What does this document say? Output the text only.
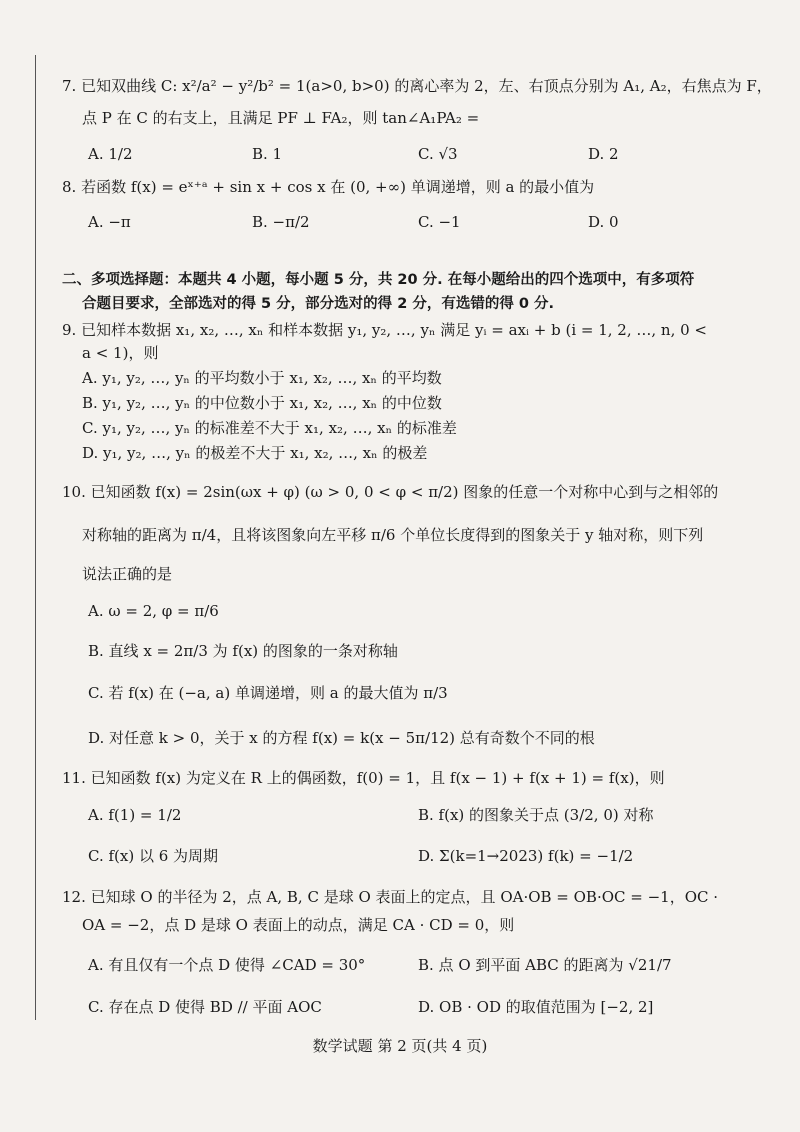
7. 已知双曲线 C: x²/a² − y²/b² = 1(a>0, b>0) 的离心率为 2，左、右顶点分别为 A₁, A₂，右焦点为 F，
点 P 在 C 的右支上，且满足 PF ⊥ FA₂，则 tan∠A₁PA₂ =
A. 1/2	B. 1	C. √3	D. 2
8. 若函数 f(x) = eˣ⁺ᵃ + sin x + cos x 在 (0, +∞) 单调递增，则 a 的最小值为
A. −π	B. −π/2	C. −1	D. 0
二、多项选择题：本题共 4 小题，每小题 5 分，共 20 分. 在每小题给出的四个选项中，有多项符
合题目要求，全部选对的得 5 分，部分选对的得 2 分，有选错的得 0 分.
9. 已知样本数据 x₁, x₂, …, xₙ 和样本数据 y₁, y₂, …, yₙ 满足 yᵢ = axᵢ + b (i = 1, 2, …, n, 0 <
a < 1)，则
A. y₁, y₂, …, yₙ 的平均数小于 x₁, x₂, …, xₙ 的平均数
B. y₁, y₂, …, yₙ 的中位数小于 x₁, x₂, …, xₙ 的中位数
C. y₁, y₂, …, yₙ 的标准差不大于 x₁, x₂, …, xₙ 的标准差
D. y₁, y₂, …, yₙ 的极差不大于 x₁, x₂, …, xₙ 的极差
10. 已知函数 f(x) = 2sin(ωx + φ) (ω > 0, 0 < φ < π/2) 图象的任意一个对称中心到与之相邻的
对称轴的距离为 π/4，且将该图象向左平移 π/6 个单位长度得到的图象关于 y 轴对称，则下列
说法正确的是
A. ω = 2, φ = π/6
B. 直线 x = 2π/3 为 f(x) 的图象的一条对称轴
C. 若 f(x) 在 (−a, a) 单调递增，则 a 的最大值为 π/3
D. 对任意 k > 0，关于 x 的方程 f(x) = k(x − 5π/12) 总有奇数个不同的根
11. 已知函数 f(x) 为定义在 R 上的偶函数，f(0) = 1，且 f(x − 1) + f(x + 1) = f(x)，则
A. f(1) = 1/2	B. f(x) 的图象关于点 (3/2, 0) 对称
C. f(x) 以 6 为周期	D. Σ(k=1→2023) f(k) = −1/2
12. 已知球 O 的半径为 2，点 A, B, C 是球 O 表面上的定点，且 OA·OB = OB·OC = −1，OC ·
OA = −2，点 D 是球 O 表面上的动点，满足 CA · CD = 0，则
A. 有且仅有一个点 D 使得 ∠CAD = 30°	B. 点 O 到平面 ABC 的距离为 √21/7
C. 存在点 D 使得 BD // 平面 AOC	D. OB · OD 的取值范围为 [−2, 2]
数学试题 第 2 页(共 4 页)
